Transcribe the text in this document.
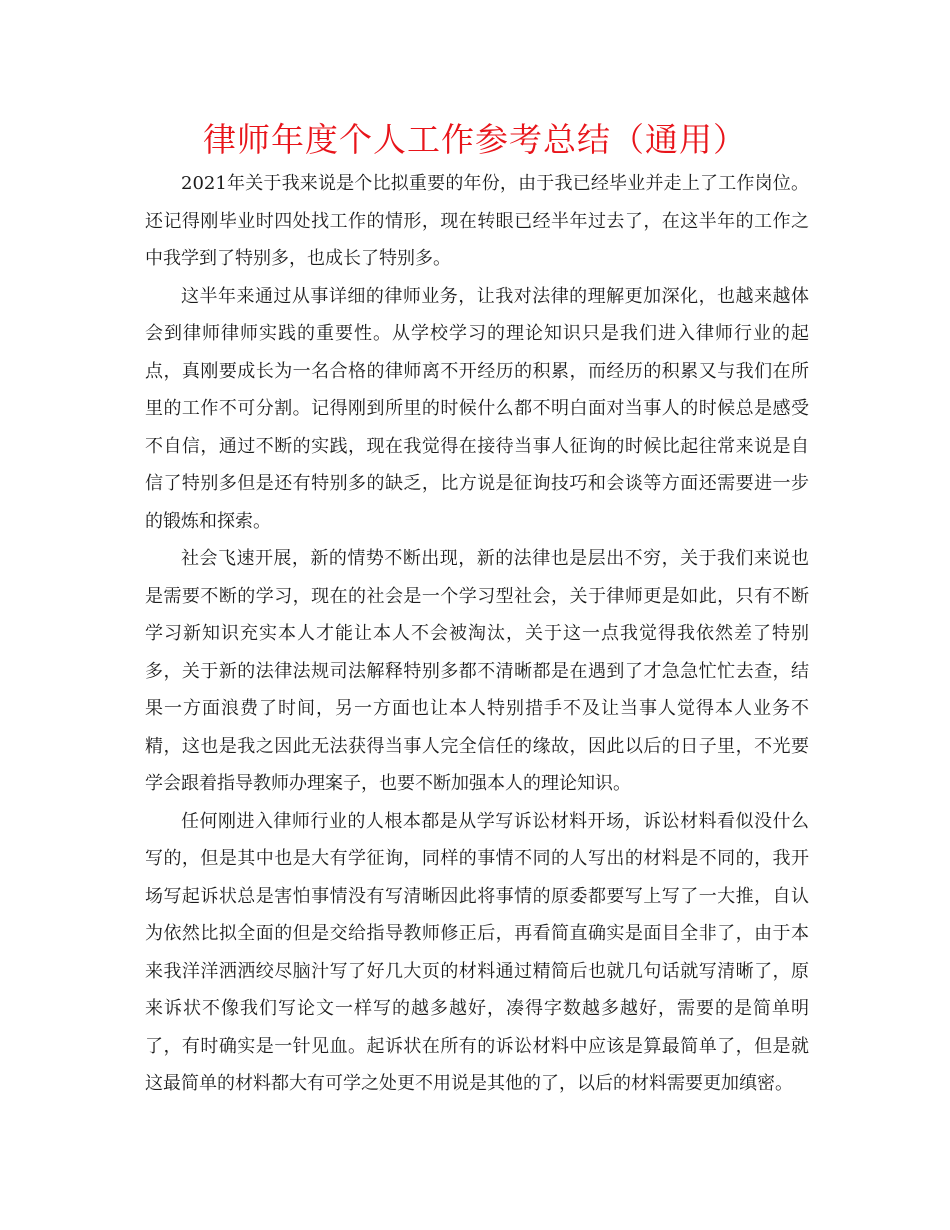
律师年度个人工作参考总结（通用）

2021年关于我来说是个比拟重要的年份，由于我已经毕业并走上了工作岗位。还记得刚毕业时四处找工作的情形，现在转眼已经半年过去了，在这半年的工作之中我学到了特别多，也成长了特别多。

这半年来通过从事详细的律师业务，让我对法律的理解更加深化，也越来越体会到律师律师实践的重要性。从学校学习的理论知识只是我们进入律师行业的起点，真刚要成长为一名合格的律师离不开经历的积累，而经历的积累又与我们在所里的工作不可分割。记得刚到所里的时候什么都不明白面对当事人的时候总是感受不自信，通过不断的实践，现在我觉得在接待当事人征询的时候比起往常来说是自信了特别多但是还有特别多的缺乏，比方说是征询技巧和会谈等方面还需要进一步的锻炼和探索。

社会飞速开展，新的情势不断出现，新的法律也是层出不穷，关于我们来说也是需要不断的学习，现在的社会是一个学习型社会，关于律师更是如此，只有不断学习新知识充实本人才能让本人不会被淘汰，关于这一点我觉得我依然差了特别多，关于新的法律法规司法解释特别多都不清晰都是在遇到了才急急忙忙去查，结果一方面浪费了时间，另一方面也让本人特别措手不及让当事人觉得本人业务不精，这也是我之因此无法获得当事人完全信任的缘故，因此以后的日子里，不光要学会跟着指导教师办理案子，也要不断加强本人的理论知识。

任何刚进入律师行业的人根本都是从学写诉讼材料开场，诉讼材料看似没什么写的，但是其中也是大有学征询，同样的事情不同的人写出的材料是不同的，我开场写起诉状总是害怕事情没有写清晰因此将事情的原委都要写上写了一大推，自认为依然比拟全面的但是交给指导教师修正后，再看简直确实是面目全非了，由于本来我洋洋洒洒绞尽脑汁写了好几大页的材料通过精简后也就几句话就写清晰了，原来诉状不像我们写论文一样写的越多越好，凑得字数越多越好，需要的是简单明了，有时确实是一针见血。起诉状在所有的诉讼材料中应该是算最简单了，但是就这最简单的材料都大有可学之处更不用说是其他的了，以后的材料需要更加缜密。
